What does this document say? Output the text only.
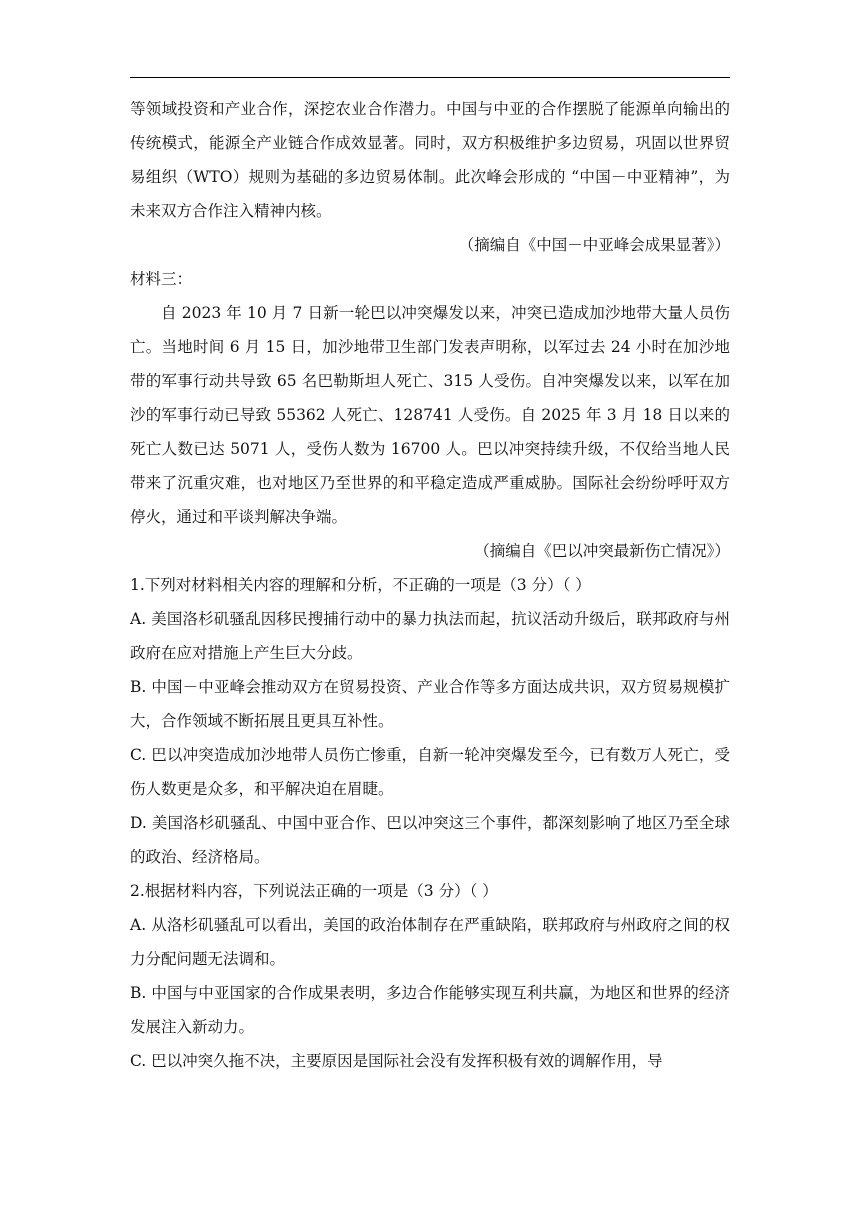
等领域投资和产业合作，深挖农业合作潜力。中国与中亚的合作摆脱了能源单向输出的传统模式，能源全产业链合作成效显著。同时，双方积极维护多边贸易，巩固以世界贸易组织（WTO）规则为基础的多边贸易体制。此次峰会形成的 “中国－中亚精神”，为未来双方合作注入精神内核。

（摘编自《中国－中亚峰会成果显著》）

材料三：

自 2023 年 10 月 7 日新一轮巴以冲突爆发以来，冲突已造成加沙地带大量人员伤亡。当地时间 6 月 15 日，加沙地带卫生部门发表声明称，以军过去 24 小时在加沙地带的军事行动共导致 65 名巴勒斯坦人死亡、315 人受伤。自冲突爆发以来，以军在加沙的军事行动已导致 55362 人死亡、128741 人受伤。自 2025 年 3 月 18 日以来的死亡人数已达 5071 人，受伤人数为 16700 人。巴以冲突持续升级，不仅给当地人民带来了沉重灾难，也对地区乃至世界的和平稳定造成严重威胁。国际社会纷纷呼吁双方停火，通过和平谈判解决争端。

（摘编自《巴以冲突最新伤亡情况》）

1.下列对材料相关内容的理解和分析，不正确的一项是（3 分）（ ）

A. 美国洛杉矶骚乱因移民搜捕行动中的暴力执法而起，抗议活动升级后，联邦政府与州政府在应对措施上产生巨大分歧。

B. 中国－中亚峰会推动双方在贸易投资、产业合作等多方面达成共识，双方贸易规模扩大，合作领域不断拓展且更具互补性。

C. 巴以冲突造成加沙地带人员伤亡惨重，自新一轮冲突爆发至今，已有数万人死亡，受伤人数更是众多，和平解决迫在眉睫。

D. 美国洛杉矶骚乱、中国中亚合作、巴以冲突这三个事件，都深刻影响了地区乃至全球的政治、经济格局。

2.根据材料内容，下列说法正确的一项是（3 分）（ ）

A. 从洛杉矶骚乱可以看出，美国的政治体制存在严重缺陷，联邦政府与州政府之间的权力分配问题无法调和。

B. 中国与中亚国家的合作成果表明，多边合作能够实现互利共赢，为地区和世界的经济发展注入新动力。

C. 巴以冲突久拖不决，主要原因是国际社会没有发挥积极有效的调解作用，导
